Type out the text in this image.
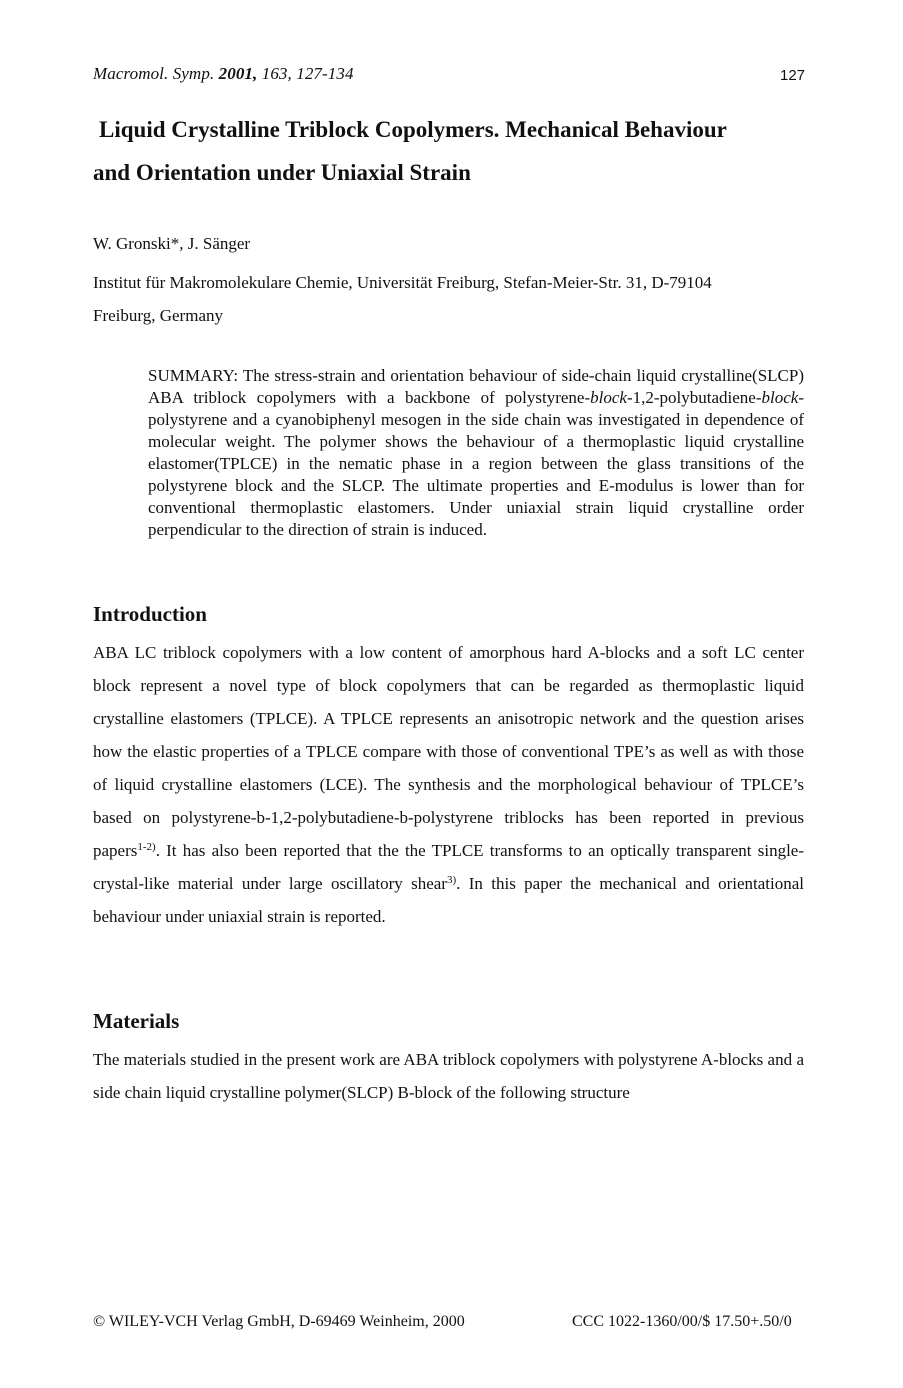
Macromol. Symp. 2001, 163, 127-134	127
Liquid Crystalline Triblock Copolymers. Mechanical Behaviour
and Orientation under Uniaxial Strain
W. Gronski*, J. Sänger
Institut für Makromolekulare Chemie, Universität Freiburg, Stefan-Meier-Str. 31, D-79104
Freiburg, Germany
SUMMARY: The stress-strain and orientation behaviour of side-chain liquid crystalline(SLCP) ABA triblock copolymers with a backbone of polystyrene-block-1,2-polybutadiene-block-polystyrene and a cyanobiphenyl mesogen in the side chain was investigated in dependence of molecular weight. The polymer shows the behaviour of a thermoplastic liquid crystalline elastomer(TPLCE) in the nematic phase in a region between the glass transitions of the polystyrene block and the SLCP. The ultimate properties and E-modulus is lower than for conventional thermoplastic elastomers. Under uniaxial strain liquid crystalline order perpendicular to the direction of strain is induced.
Introduction
ABA LC triblock copolymers with a low content of amorphous hard A-blocks and a soft LC center block represent a novel type of block copolymers that can be regarded as thermoplastic liquid crystalline elastomers (TPLCE). A TPLCE represents an anisotropic network and the question arises how the elastic properties of a TPLCE compare with those of conventional TPE’s as well as with those of liquid crystalline elastomers (LCE). The synthesis and the morphological behaviour of TPLCE’s based on polystyrene-b-1,2-polybutadiene-b-polystyrene triblocks has been reported in previous papers$^{1-2)}$. It has also been reported that the the TPLCE transforms to an optically transparent single-crystal-like material under large oscillatory shear$^{3)}$. In this paper the mechanical and orientational behaviour under uniaxial strain is reported.
Materials
The materials studied in the present work are ABA triblock copolymers with polystyrene A-blocks and a side chain liquid crystalline polymer(SLCP) B-block of the following structure
© WILEY-VCH Verlag GmbH, D-69469 Weinheim, 2000	CCC 1022-1360/00/$ 17.50+.50/0
